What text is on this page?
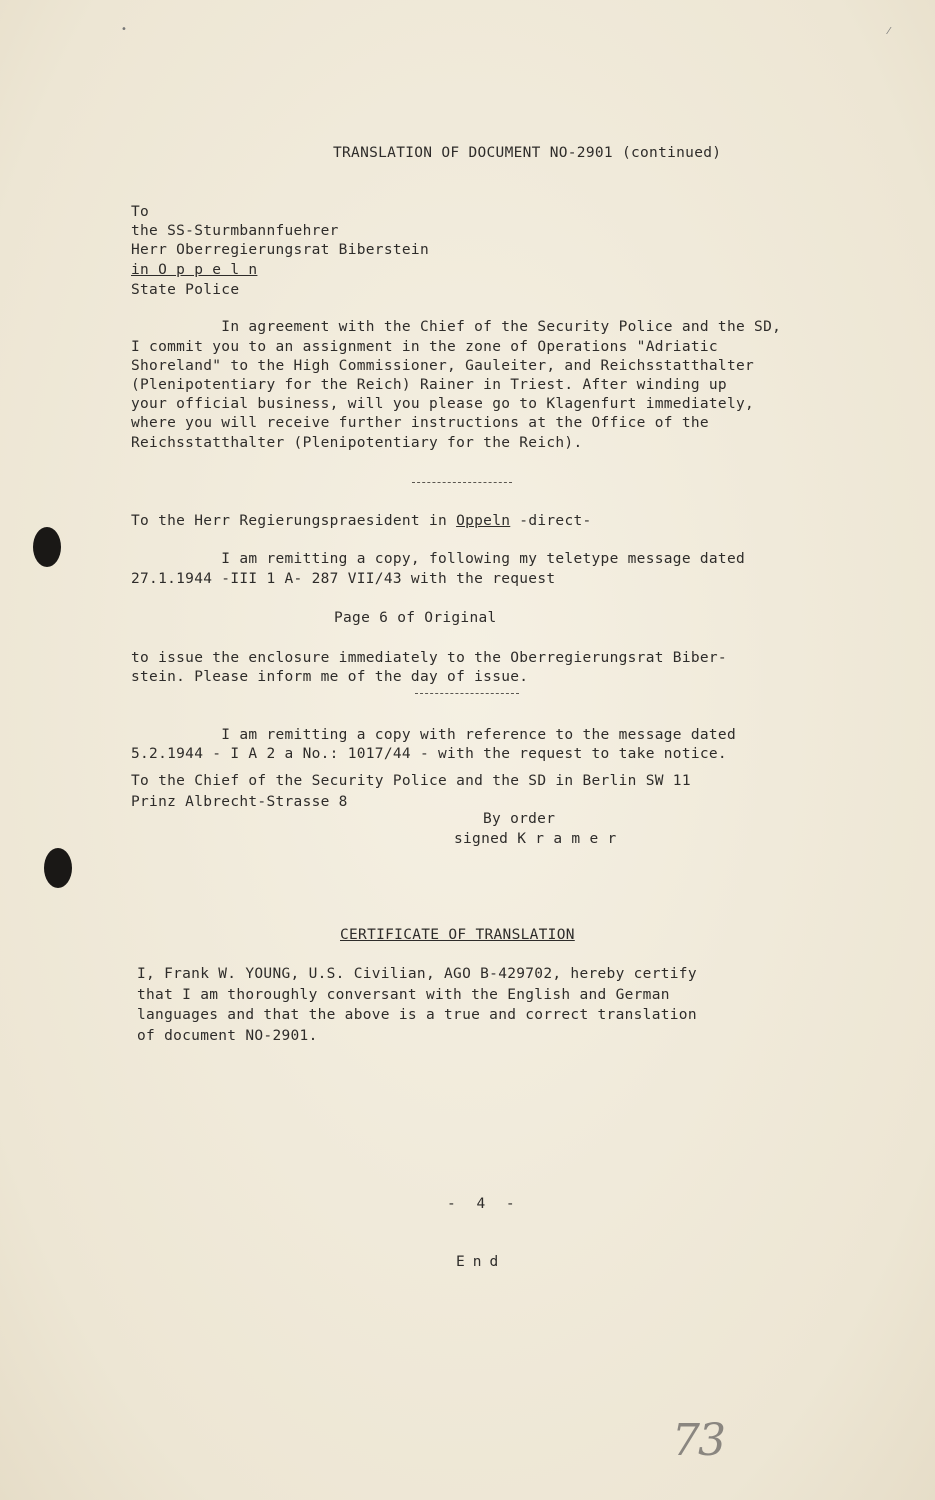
•	⁄
TRANSLATION OF DOCUMENT NO-2901 (continued)
To
the SS-Sturmbannfuehrer
Herr Oberregierungsrat Biberstein
in O p p e l n
State Police
In agreement with the Chief of the Security Police and the SD,
I commit you to an assignment in the zone of Operations "Adriatic
Shoreland" to the High Commissioner, Gauleiter, and Reichsstatthalter
(Plenipotentiary for the Reich) Rainer in Triest. After winding up
your official business, will you please go to Klagenfurt immediately,
where you will receive further instructions at the Office of the
Reichsstatthalter (Plenipotentiary for the Reich).
To the Herr Regierungspraesident in Oppeln -direct-
I am remitting a copy, following my teletype message dated
27.1.1944 -III 1 A- 287 VII/43 with the request
Page 6 of Original
to issue the enclosure immediately to the Oberregierungsrat Biber-
stein. Please inform me of the day of issue.
I am remitting a copy with reference to the message dated
5.2.1944 - I A 2 a No.: 1017/44 - with the request to take notice.
To the Chief of the Security Police and the SD in Berlin SW 11
Prinz Albrecht-Strasse 8
By order
signed K r a m e r
CERTIFICATE OF TRANSLATION
I, Frank W. YOUNG, U.S. Civilian, AGO B-429702, hereby certify
that I am thoroughly conversant with the English and German
languages and that the above is a true and correct translation
of document NO-2901.
- 4 -
End
73
